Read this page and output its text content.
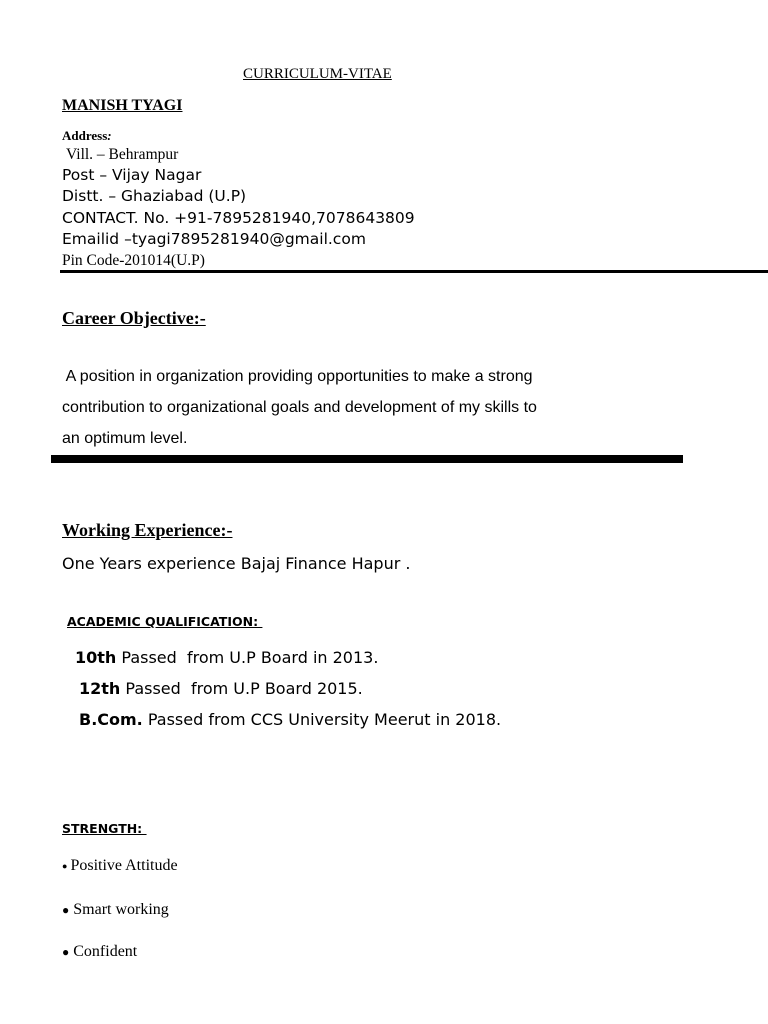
CURRICULUM-VITAE
MANISH TYAGI
Address:
Vill. – Behrampur
Post – Vijay Nagar
Distt. – Ghaziabad (U.P)
CONTACT. No. +91-7895281940,7078643809
Emailid –tyagi7895281940@gmail.com
Pin Code-201014(U.P)
Career Objective:-
A position in organization providing opportunities to make a strong
contribution to organizational goals and development of my skills to
an optimum level.
Working Experience:-
One Years experience Bajaj Finance Hapur .
ACADEMIC QUALIFICATION:
10th Passed  from U.P Board in 2013.
12th Passed  from U.P Board 2015.
B.Com. Passed from CCS University Meerut in 2018.
STRENGTH:
● Positive Attitude
● Smart working
● Confident
